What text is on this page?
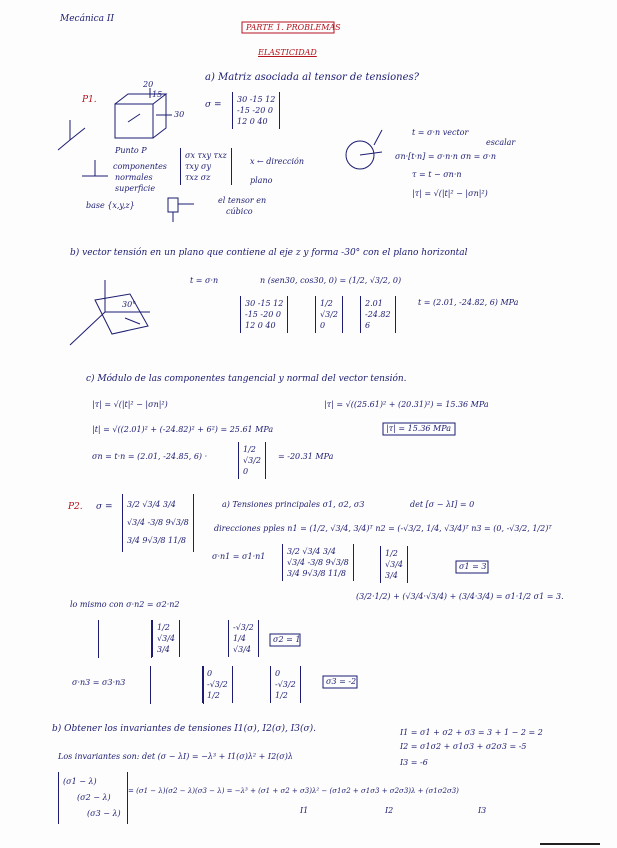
Mecánica II
PARTE 1. PROBLEMAS
ELASTICIDAD
a) Matriz asociada al tensor de tensiones?
P1.
20
15
30
σ =
30 -15 12
-15 -20 0
12 0 40
Punto P
componentes
normales
superficie
base {x,y,z}
σx τxy τxz
τxy σy
τxz σz
x ← dirección
plano
el tensor en
cúbico
t = σ·n vector
escalar
σn·[t·n] = σ·n·n σn = σ·n
τ = t − σn·n
|τ| = √(|t|² − |σn|²)
b) vector tensión en un plano que contiene al eje z y forma -30° con el plano horizontal
t = σ·n	n (sen30, cos30, 0) = (1/2, √3/2, 0)
30°	30 -15 12
-15 -20 0
12 0 40
1/2
√3/2
0
2.01
-24.82
6
t = (2.01, -24.82, 6) MPa
c) Módulo de las componentes tangencial y normal del vector tensión.
|τ| = √(|t|² − |σn|²)	|τ| = √((25.61)² + (20.31)²) = 15.36 MPa
|t| = √((2.01)² + (-24.82)² + 6²) = 25.61 MPa	|τ| = 15.36 MPa
σn = t·n = (2.01, -24.85, 6) ·
1/2
√3/2
0
= -20.31 MPa
P2. σ = 3/2 √3/4 3/4
√3/4 -3/8 9√3/8
3/4 9√3/8 11/8
a) Tensiones principales σ1, σ2, σ3	det [σ − λI] = 0
direcciones pples n1 = (1/2, √3/4, 3/4)ᵀ n2 = (-√3/2, 1/4, √3/4)ᵀ n3 = (0, -√3/2, 1/2)ᵀ
σ·n1 = σ1·n1
3/2 √3/4 3/4
√3/4 -3/8 9√3/8
3/4 9√3/8 11/8
1/2
√3/4
3/4
σ1 = 3
(3/2·1/2) + (√3/4·√3/4) + (3/4·3/4) = σ1·1/2 σ1 = 3.
lo mismo con σ·n2 = σ2·n2
1/2
√3/4
3/4
-√3/2
1/4
√3/4
σ2 = 1
σ·n3 = σ3·n3
0
-√3/2
1/2
0
-√3/2
1/2
σ3 = -2
b) Obtener los invariantes de tensiones I1(σ), I2(σ), I3(σ).	I1 = σ1 + σ2 + σ3 = 3 + 1 − 2 = 2
I2 = σ1σ2 + σ1σ3 + σ2σ3 = -5
I3 = -6
Los invariantes son: det (σ − λI) = −λ³ + I1(σ)λ² + I2(σ)λ
(σ1 − λ)
(σ2 − λ)
(σ3 − λ)
= (σ1 − λ)(σ2 − λ)(σ3 − λ) = −λ³ + (σ1 + σ2 + σ3)λ² − (σ1σ2 + σ1σ3 + σ2σ3)λ + (σ1σ2σ3)
I1	I2	I3
